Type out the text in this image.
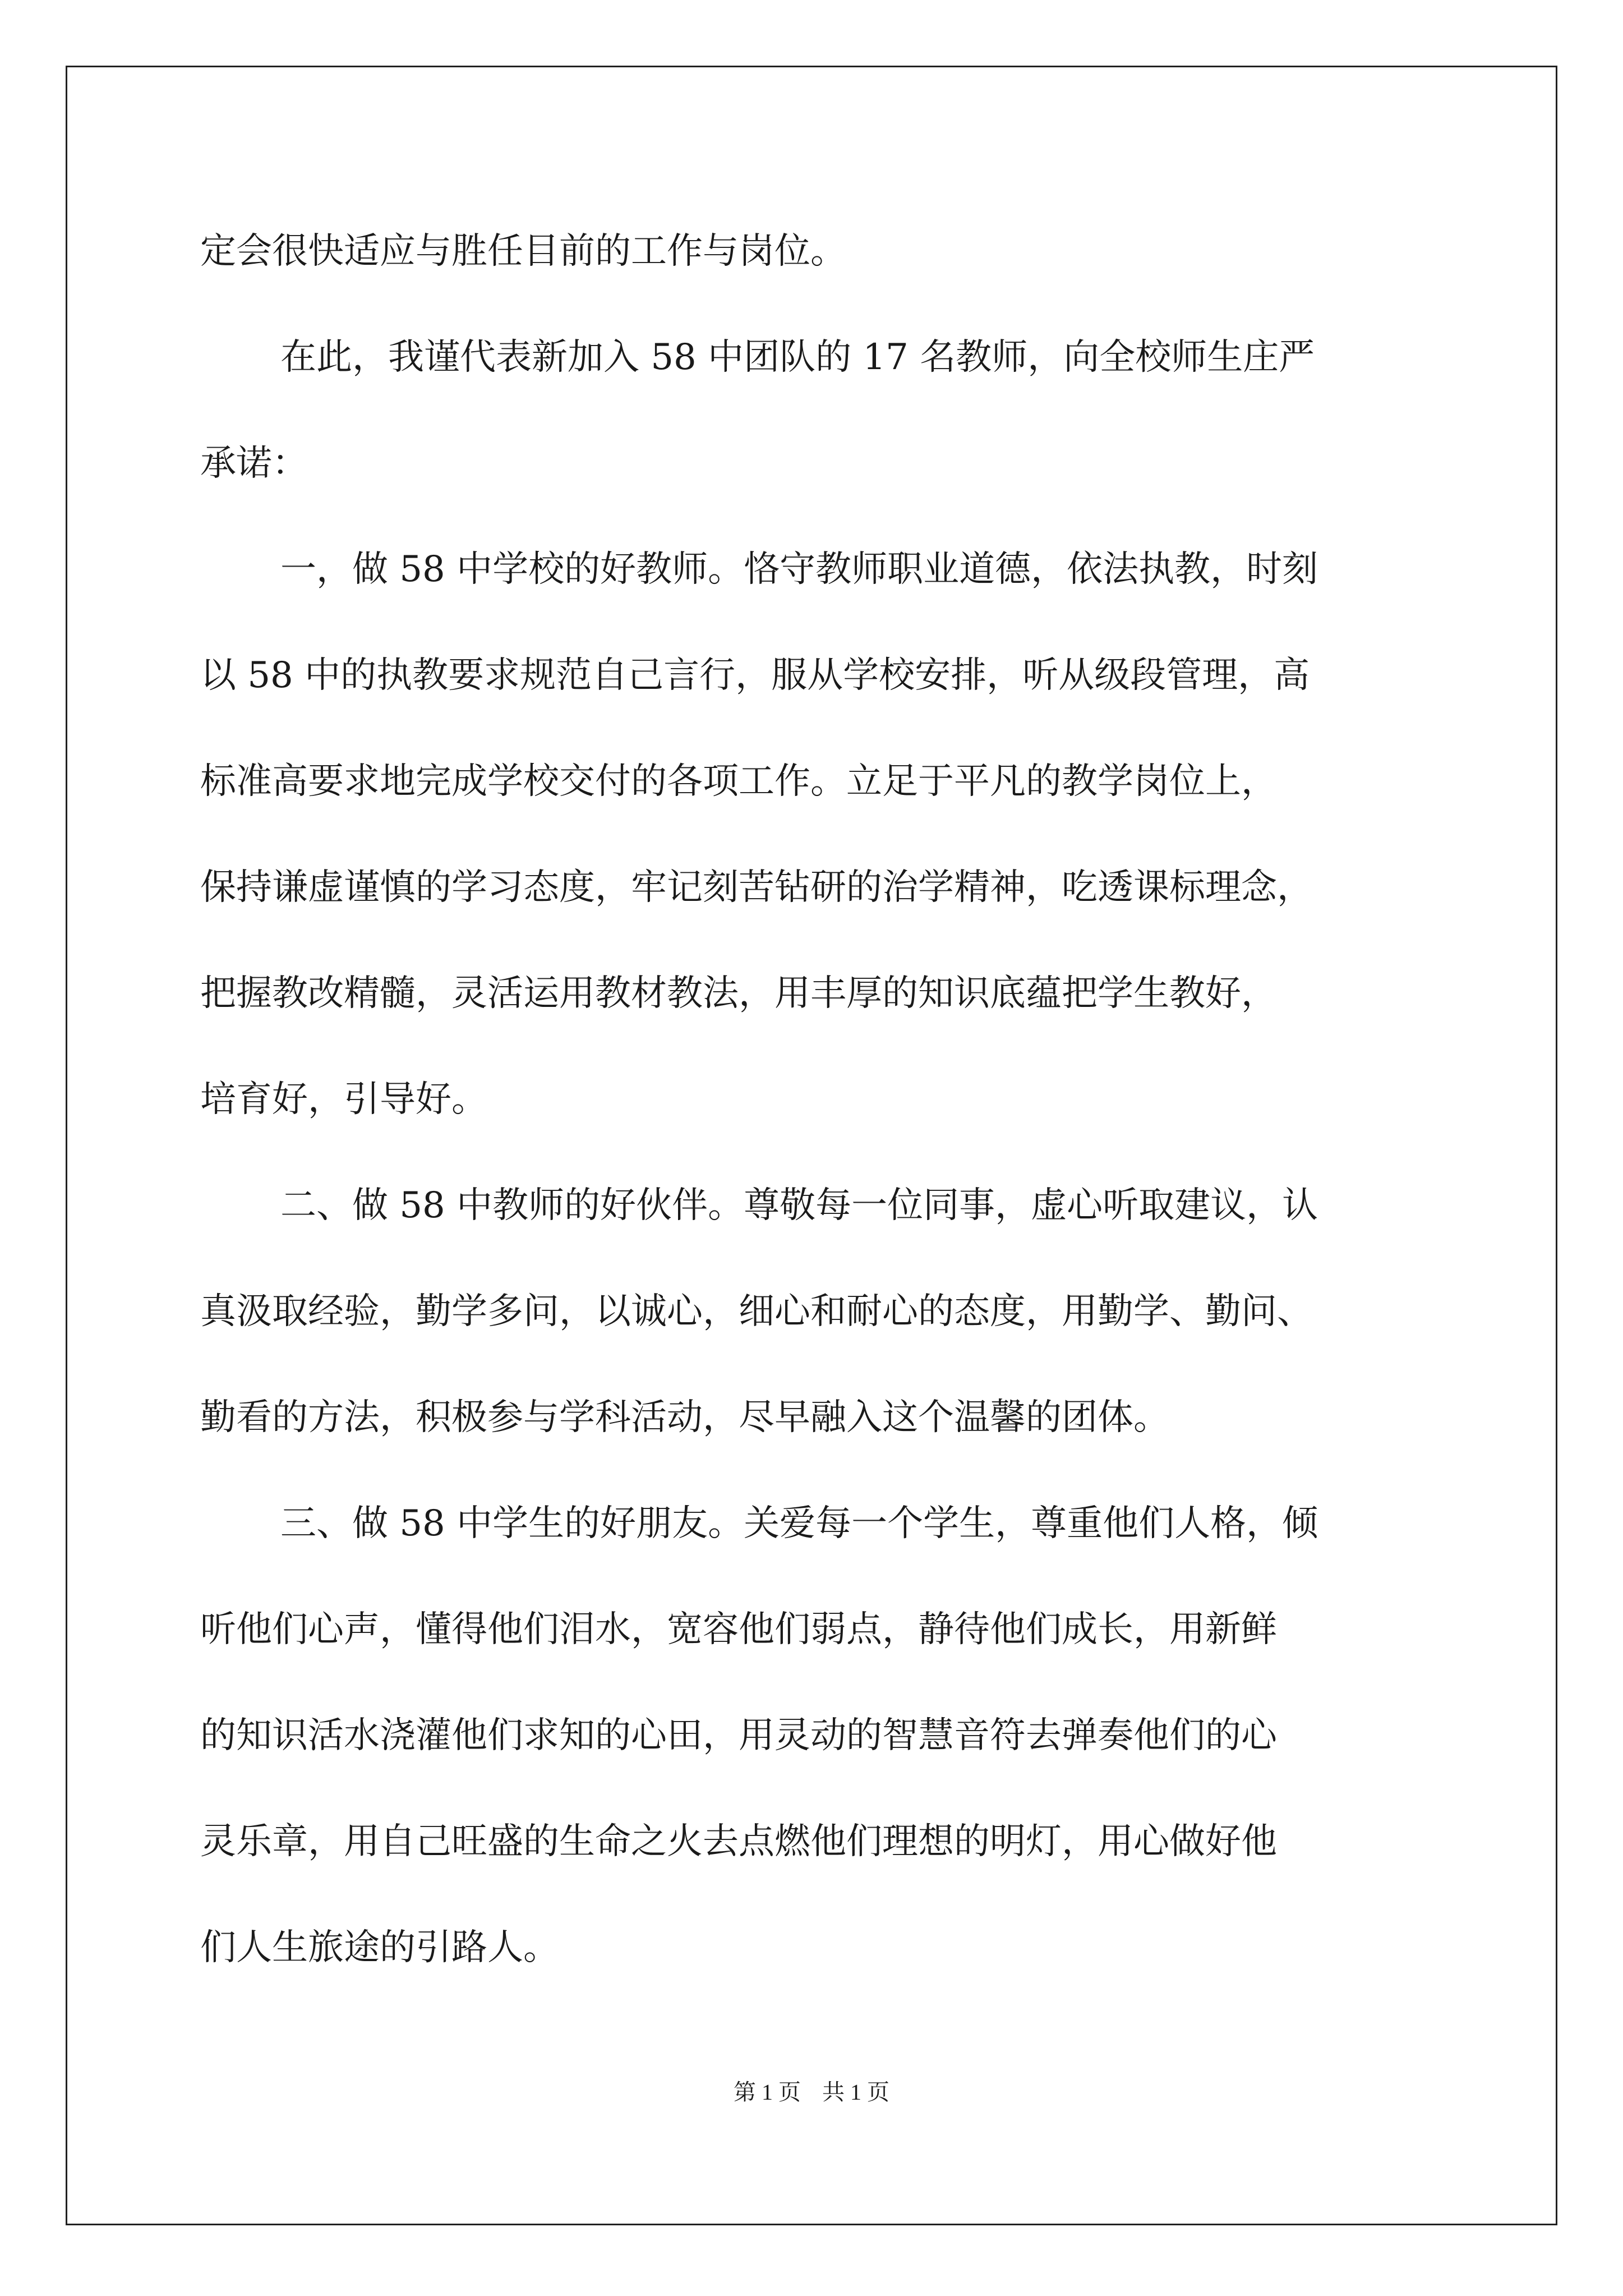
定会很快适应与胜任目前的工作与岗位。

在此，我谨代表新加入 58 中团队的 17 名教师，向全校师生庄严

承诺：

一，做 58 中学校的好教师。恪守教师职业道德，依法执教，时刻

以 58 中的执教要求规范自己言行，服从学校安排，听从级段管理，高

标准高要求地完成学校交付的各项工作。立足于平凡的教学岗位上，

保持谦虚谨慎的学习态度，牢记刻苦钻研的治学精神，吃透课标理念，

把握教改精髓，灵活运用教材教法，用丰厚的知识底蕴把学生教好，

培育好，引导好。

二、做 58 中教师的好伙伴。尊敬每一位同事，虚心听取建议，认

真汲取经验，勤学多问，以诚心，细心和耐心的态度，用勤学、勤问、

勤看的方法，积极参与学科活动，尽早融入这个温馨的团体。

三、做 58 中学生的好朋友。关爱每一个学生，尊重他们人格，倾

听他们心声，懂得他们泪水，宽容他们弱点，静待他们成长，用新鲜

的知识活水浇灌他们求知的心田，用灵动的智慧音符去弹奏他们的心

灵乐章，用自己旺盛的生命之火去点燃他们理想的明灯，用心做好他

们人生旅途的引路人。

第 1 页 共 1 页
